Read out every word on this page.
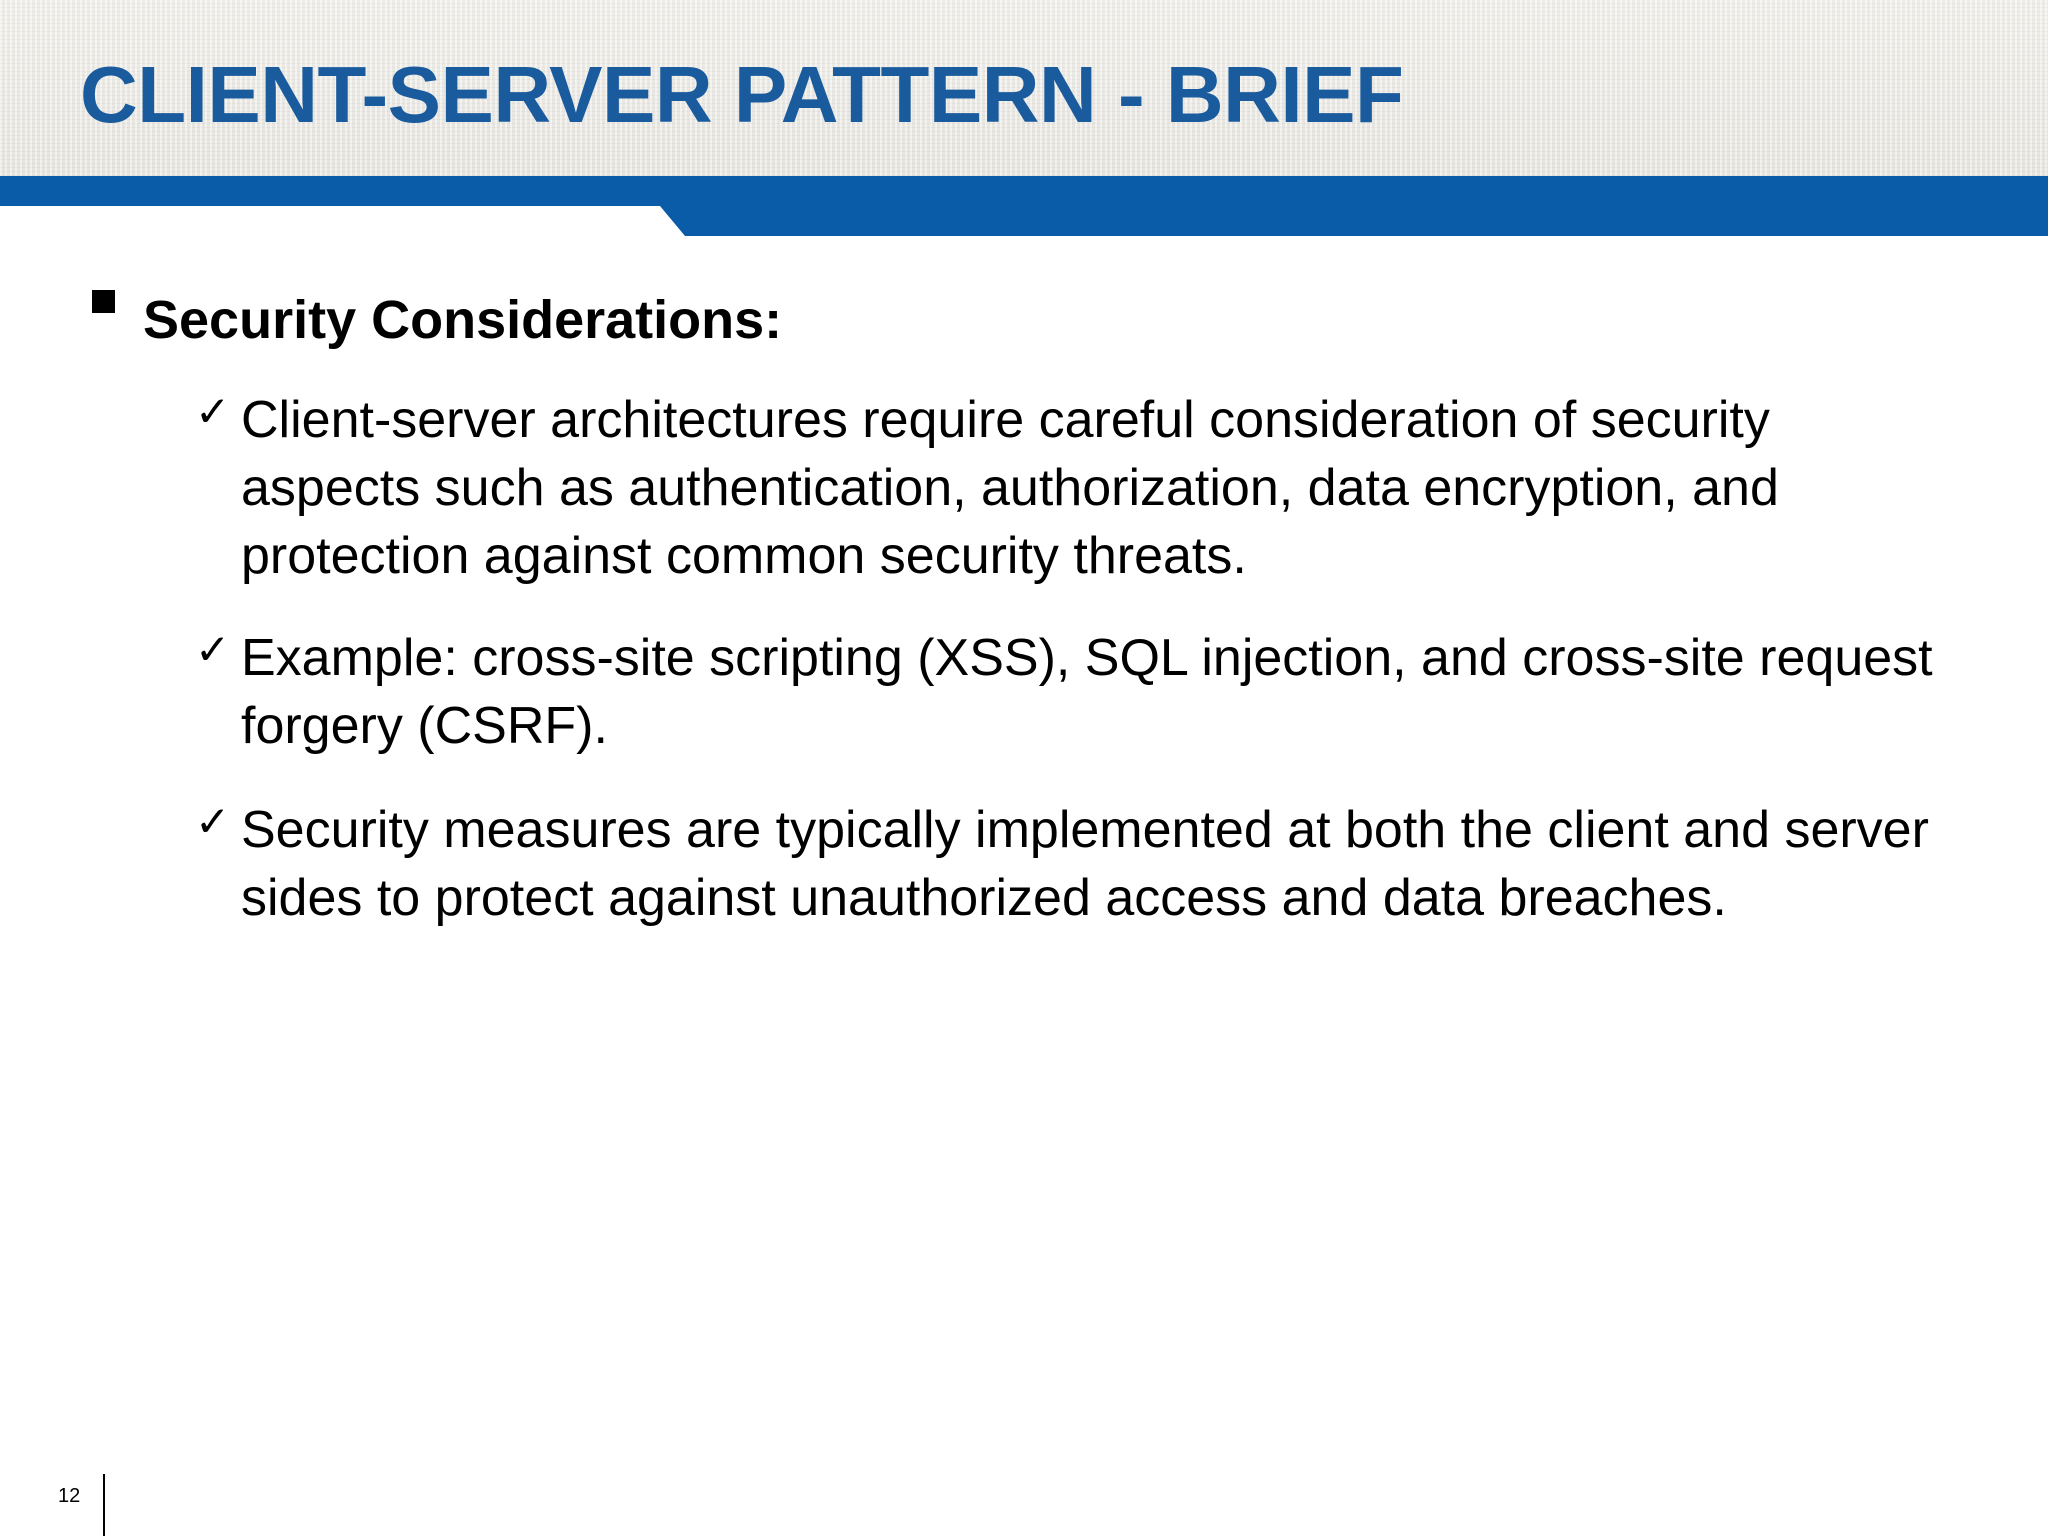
CLIENT-SERVER PATTERN - BRIEF
Security Considerations:
✓ Client-server architectures require careful consideration of security aspects such as authentication, authorization, data encryption, and protection against common security threats.

✓ Example: cross-site scripting (XSS), SQL injection, and cross-site request forgery (CSRF).

✓ Security measures are typically implemented at both the client and server sides to protect against unauthorized access and data breaches.

12
